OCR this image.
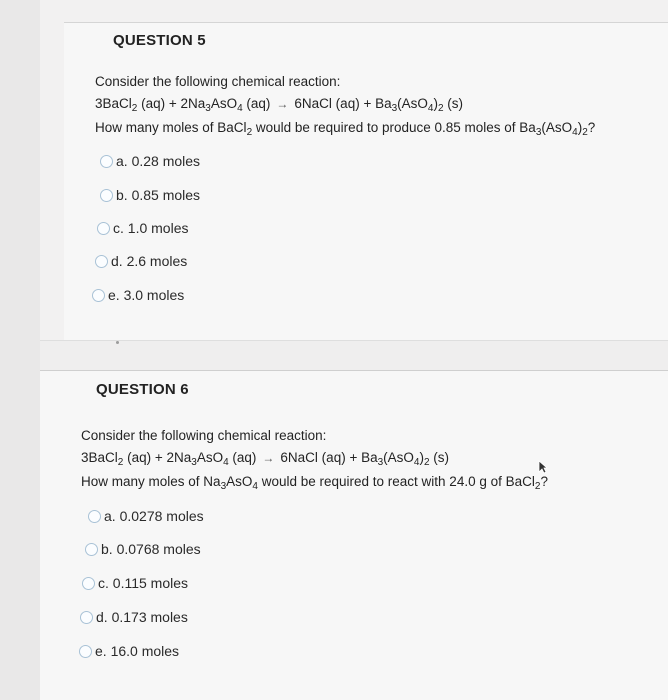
QUESTION 5
Consider the following chemical reaction:
3BaCl$_2$ $(aq) + 2Na_3AsO_4$ (aq) → 6NaCl $(aq) + Ba_3(AsO_4)_2$ (s)
How many moles of BaCl$_2$ would be required to produce 0.85 moles of $Ba_3(AsO_4)_2$?
a. 0.28 moles
b. 0.85 moles
c. 1.0 moles
d. 2.6 moles
e. 3.0 moles
QUESTION 6
Consider the following chemical reaction:
3BaCl$_2$ $(aq) + 2Na_3AsO_4$ (aq) → 6NaCl $(aq) + Ba_3(AsO_4)_2$ (s)
How many moles of $Na_3AsO_4$ would be required to react with 24.0 g of BaCl$_2$?
a. 0.0278 moles
b. 0.0768 moles
c. 0.115 moles
d. 0.173 moles
e. 16.0 moles
